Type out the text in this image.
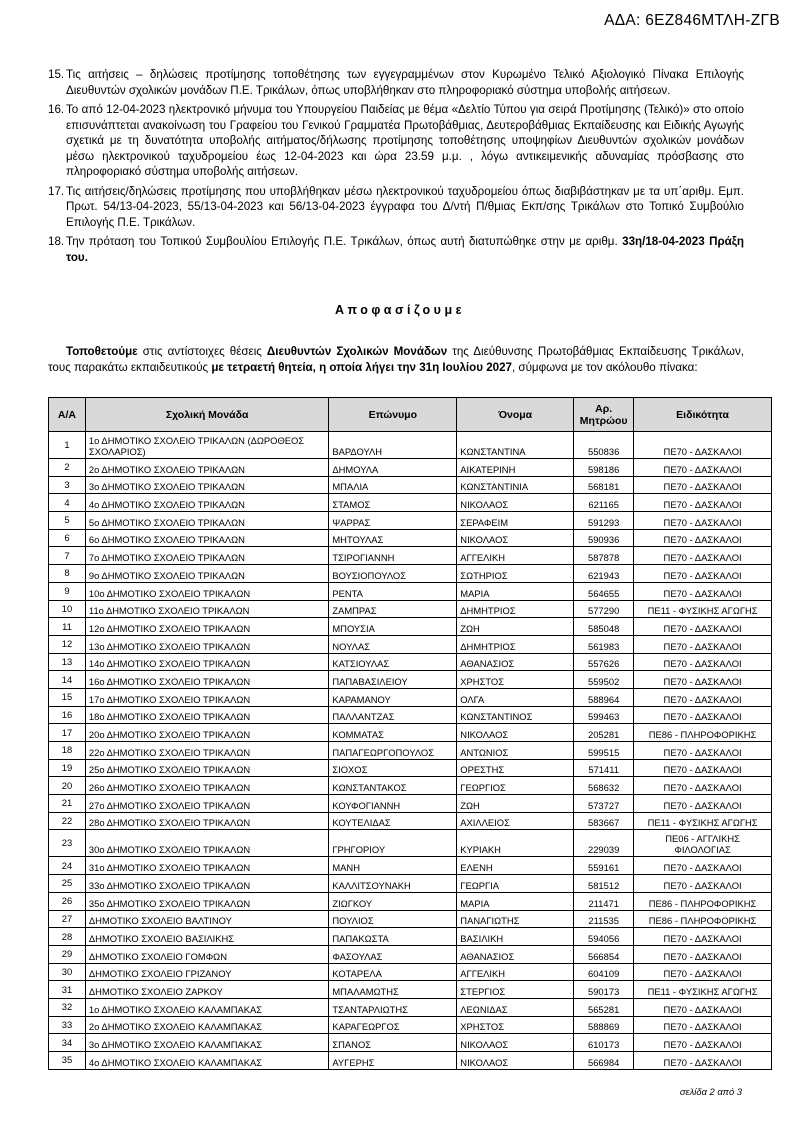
ΑΔΑ: 6ΕΖ846ΜΤΛΗ-ΖΓΒ
15. Τις αιτήσεις – δηλώσεις προτίμησης τοποθέτησης των εγγεγραμμένων στον Κυρωμένο Τελικό Αξιολογικό Πίνακα Επιλογής Διευθυντών σχολικών μονάδων Π.Ε. Τρικάλων, όπως υποβλήθηκαν στο πληροφοριακό σύστημα υποβολής αιτήσεων.
16. Το από 12-04-2023 ηλεκτρονικό μήνυμα του Υπουργείου Παιδείας με θέμα «Δελτίο Τύπου για σειρά Προτίμησης (Τελικό)» στο οποίο επισυνάπτεται ανακοίνωση του Γραφείου του Γενικού Γραμματέα Πρωτοβάθμιας, Δευτεροβάθμιας Εκπαίδευσης και Ειδικής Αγωγής σχετικά με τη δυνατότητα υποβολής αιτήματος/δήλωσης προτίμησης τοποθέτησης υποψηφίων Διευθυντών σχολικών μονάδων μέσω ηλεκτρονικού ταχυδρομείου έως 12-04-2023 και ώρα 23.59 μ.μ. , λόγω αντικειμενικής αδυναμίας πρόσβασης στο πληροφοριακό σύστημα υποβολής αιτήσεων.
17. Τις αιτήσεις/δηλώσεις προτίμησης που υποβλήθηκαν μέσω ηλεκτρονικού ταχυδρομείου όπως διαβιβάστηκαν με τα υπ΄αριθμ. Εμπ. Πρωτ. 54/13-04-2023, 55/13-04-2023 και 56/13-04-2023 έγγραφα του Δ/ντή Π/θμιας Εκπ/σης Τρικάλων στο Τοπικό Συμβούλιο Επιλογής Π.Ε. Τρικάλων.
18. Την πρόταση του Τοπικού Συμβουλίου Επιλογής Π.Ε. Τρικάλων, όπως αυτή διατυπώθηκε στην με αριθμ. 33η/18-04-2023 Πράξη του.
Αποφασίζουμε
Τοποθετούμε στις αντίστοιχες θέσεις Διευθυντών Σχολικών Μονάδων της Διεύθυνσης Πρωτοβάθμιας Εκπαίδευσης Τρικάλων, τους παρακάτω εκπαιδευτικούς με τετραετή θητεία, η οποία λήγει την 31η Ιουλίου 2027, σύμφωνα με τον ακόλουθο πίνακα:
Α/Α	Σχολική Μονάδα	Επώνυμο	Όνομα	Αρ. Μητρώου	Ειδικότητα
1	1ο ΔΗΜΟΤΙΚΟ ΣΧΟΛΕΙΟ ΤΡΙΚΑΛΩΝ (ΔΩΡΟΘΕΟΣ ΣΧΟΛΑΡΙΟΣ)	ΒΑΡΔΟΥΛΗ	ΚΩΝΣΤΑΝΤΙΝΑ	550836	ΠΕ70 - ΔΑΣΚΑΛΟΙ
2	2ο ΔΗΜΟΤΙΚΟ ΣΧΟΛΕΙΟ ΤΡΙΚΑΛΩΝ	ΔΗΜΟΥΛΑ	ΑΙΚΑΤΕΡΙΝΗ	598186	ΠΕ70 - ΔΑΣΚΑΛΟΙ
3	3ο ΔΗΜΟΤΙΚΟ ΣΧΟΛΕΙΟ ΤΡΙΚΑΛΩΝ	ΜΠΑΛΙΑ	ΚΩΝΣΤΑΝΤΙΝΙΑ	568181	ΠΕ70 - ΔΑΣΚΑΛΟΙ
4	4ο ΔΗΜΟΤΙΚΟ ΣΧΟΛΕΙΟ ΤΡΙΚΑΛΩΝ	ΣΤΑΜΟΣ	ΝΙΚΟΛΑΟΣ	621165	ΠΕ70 - ΔΑΣΚΑΛΟΙ
5	5ο ΔΗΜΟΤΙΚΟ ΣΧΟΛΕΙΟ ΤΡΙΚΑΛΩΝ	ΨΑΡΡΑΣ	ΣΕΡΑΦΕΙΜ	591293	ΠΕ70 - ΔΑΣΚΑΛΟΙ
6	6ο ΔΗΜΟΤΙΚΟ ΣΧΟΛΕΙΟ ΤΡΙΚΑΛΩΝ	ΜΗΤΟΥΛΑΣ	ΝΙΚΟΛΑΟΣ	590936	ΠΕ70 - ΔΑΣΚΑΛΟΙ
7	7ο ΔΗΜΟΤΙΚΟ ΣΧΟΛΕΙΟ ΤΡΙΚΑΛΩΝ	ΤΣΙΡΟΓΙΑΝΝΗ	ΑΓΓΕΛΙΚΗ	587878	ΠΕ70 - ΔΑΣΚΑΛΟΙ
8	9ο ΔΗΜΟΤΙΚΟ ΣΧΟΛΕΙΟ ΤΡΙΚΑΛΩΝ	ΒΟΥΣΙΟΠΟΥΛΟΣ	ΣΩΤΗΡΙΟΣ	621943	ΠΕ70 - ΔΑΣΚΑΛΟΙ
9	10ο ΔΗΜΟΤΙΚΟ ΣΧΟΛΕΙΟ ΤΡΙΚΑΛΩΝ	ΡΕΝΤΑ	ΜΑΡΙΑ	564655	ΠΕ70 - ΔΑΣΚΑΛΟΙ
10	11ο ΔΗΜΟΤΙΚΟ ΣΧΟΛΕΙΟ ΤΡΙΚΑΛΩΝ	ΖΑΜΠΡΑΣ	ΔΗΜΗΤΡΙΟΣ	577290	ΠΕ11 - ΦΥΣΙΚΗΣ ΑΓΩΓΗΣ
11	12ο ΔΗΜΟΤΙΚΟ ΣΧΟΛΕΙΟ ΤΡΙΚΑΛΩΝ	ΜΠΟΥΣΙΑ	ΖΩΗ	585048	ΠΕ70 - ΔΑΣΚΑΛΟΙ
12	13ο ΔΗΜΟΤΙΚΟ ΣΧΟΛΕΙΟ ΤΡΙΚΑΛΩΝ	ΝΟΥΛΑΣ	ΔΗΜΗΤΡΙΟΣ	561983	ΠΕ70 - ΔΑΣΚΑΛΟΙ
13	14ο ΔΗΜΟΤΙΚΟ ΣΧΟΛΕΙΟ ΤΡΙΚΑΛΩΝ	ΚΑΤΣΙΟΥΛΑΣ	ΑΘΑΝΑΣΙΟΣ	557626	ΠΕ70 - ΔΑΣΚΑΛΟΙ
14	16ο ΔΗΜΟΤΙΚΟ ΣΧΟΛΕΙΟ ΤΡΙΚΑΛΩΝ	ΠΑΠΑΒΑΣΙΛΕΙΟΥ	ΧΡΗΣΤΟΣ	559502	ΠΕ70 - ΔΑΣΚΑΛΟΙ
15	17ο ΔΗΜΟΤΙΚΟ ΣΧΟΛΕΙΟ ΤΡΙΚΑΛΩΝ	ΚΑΡΑΜΑΝΟΥ	ΟΛΓΑ	588964	ΠΕ70 - ΔΑΣΚΑΛΟΙ
16	18ο ΔΗΜΟΤΙΚΟ ΣΧΟΛΕΙΟ ΤΡΙΚΑΛΩΝ	ΠΑΛΛΑΝΤΖΑΣ	ΚΩΝΣΤΑΝΤΙΝΟΣ	599463	ΠΕ70 - ΔΑΣΚΑΛΟΙ
17	20ο ΔΗΜΟΤΙΚΟ ΣΧΟΛΕΙΟ ΤΡΙΚΑΛΩΝ	ΚΟΜΜΑΤΑΣ	ΝΙΚΟΛΑΟΣ	205281	ΠΕ86 - ΠΛΗΡΟΦΟΡΙΚΗΣ
18	22ο ΔΗΜΟΤΙΚΟ ΣΧΟΛΕΙΟ ΤΡΙΚΑΛΩΝ	ΠΑΠΑΓΕΩΡΓΟΠΟΥΛΟΣ	ΑΝΤΩΝΙΟΣ	599515	ΠΕ70 - ΔΑΣΚΑΛΟΙ
19	25ο ΔΗΜΟΤΙΚΟ ΣΧΟΛΕΙΟ ΤΡΙΚΑΛΩΝ	ΣΙΟΧΟΣ	ΟΡΕΣΤΗΣ	571411	ΠΕ70 - ΔΑΣΚΑΛΟΙ
20	26ο ΔΗΜΟΤΙΚΟ ΣΧΟΛΕΙΟ ΤΡΙΚΑΛΩΝ	ΚΩΝΣΤΑΝΤΑΚΟΣ	ΓΕΩΡΓΙΟΣ	568632	ΠΕ70 - ΔΑΣΚΑΛΟΙ
21	27ο ΔΗΜΟΤΙΚΟ ΣΧΟΛΕΙΟ ΤΡΙΚΑΛΩΝ	ΚΟΥΦΟΓΙΑΝΝΗ	ΖΩΗ	573727	ΠΕ70 - ΔΑΣΚΑΛΟΙ
22	28ο ΔΗΜΟΤΙΚΟ ΣΧΟΛΕΙΟ ΤΡΙΚΑΛΩΝ	ΚΟΥΤΕΛΙΔΑΣ	ΑΧΙΛΛΕΙΟΣ	583667	ΠΕ11 - ΦΥΣΙΚΗΣ ΑΓΩΓΗΣ
23	30ο ΔΗΜΟΤΙΚΟ ΣΧΟΛΕΙΟ ΤΡΙΚΑΛΩΝ	ΓΡΗΓΟΡΙΟΥ	ΚΥΡΙΑΚΗ	229039	ΠΕ06 - ΑΓΓΛΙΚΗΣ ΦΙΛΟΛΟΓΙΑΣ
24	31ο ΔΗΜΟΤΙΚΟ ΣΧΟΛΕΙΟ ΤΡΙΚΑΛΩΝ	ΜΑΝΗ	ΕΛΕΝΗ	559161	ΠΕ70 - ΔΑΣΚΑΛΟΙ
25	33ο ΔΗΜΟΤΙΚΟ ΣΧΟΛΕΙΟ ΤΡΙΚΑΛΩΝ	ΚΑΛΛΙΤΣΟΥΝΑΚΗ	ΓΕΩΡΓΙΑ	581512	ΠΕ70 - ΔΑΣΚΑΛΟΙ
26	35ο ΔΗΜΟΤΙΚΟ ΣΧΟΛΕΙΟ ΤΡΙΚΑΛΩΝ	ΖΙΩΓΚΟΥ	ΜΑΡΙΑ	211471	ΠΕ86 - ΠΛΗΡΟΦΟΡΙΚΗΣ
27	ΔΗΜΟΤΙΚΟ ΣΧΟΛΕΙΟ ΒΑΛΤΙΝΟΥ	ΠΟΥΛΙΟΣ	ΠΑΝΑΓΙΩΤΗΣ	211535	ΠΕ86 - ΠΛΗΡΟΦΟΡΙΚΗΣ
28	ΔΗΜΟΤΙΚΟ ΣΧΟΛΕΙΟ ΒΑΣΙΛΙΚΗΣ	ΠΑΠΑΚΩΣΤΑ	ΒΑΣΙΛΙΚΗ	594056	ΠΕ70 - ΔΑΣΚΑΛΟΙ
29	ΔΗΜΟΤΙΚΟ ΣΧΟΛΕΙΟ ΓΟΜΦΩΝ	ΦΑΣΟΥΛΑΣ	ΑΘΑΝΑΣΙΟΣ	566854	ΠΕ70 - ΔΑΣΚΑΛΟΙ
30	ΔΗΜΟΤΙΚΟ ΣΧΟΛΕΙΟ ΓΡΙΖΑΝΟΥ	ΚΟΤΑΡΕΛΑ	ΑΓΓΕΛΙΚΗ	604109	ΠΕ70 - ΔΑΣΚΑΛΟΙ
31	ΔΗΜΟΤΙΚΟ ΣΧΟΛΕΙΟ ΖΑΡΚΟΥ	ΜΠΑΛΑΜΩΤΗΣ	ΣΤΕΡΓΙΟΣ	590173	ΠΕ11 - ΦΥΣΙΚΗΣ ΑΓΩΓΗΣ
32	1ο ΔΗΜΟΤΙΚΟ ΣΧΟΛΕΙΟ ΚΑΛΑΜΠΑΚΑΣ	ΤΣΑΝΤΑΡΛΙΩΤΗΣ	ΛΕΩΝΙΔΑΣ	565281	ΠΕ70 - ΔΑΣΚΑΛΟΙ
33	2ο ΔΗΜΟΤΙΚΟ ΣΧΟΛΕΙΟ ΚΑΛΑΜΠΑΚΑΣ	ΚΑΡΑΓΕΩΡΓΟΣ	ΧΡΗΣΤΟΣ	588869	ΠΕ70 - ΔΑΣΚΑΛΟΙ
34	3ο ΔΗΜΟΤΙΚΟ ΣΧΟΛΕΙΟ ΚΑΛΑΜΠΑΚΑΣ	ΣΠΑΝΟΣ	ΝΙΚΟΛΑΟΣ	610173	ΠΕ70 - ΔΑΣΚΑΛΟΙ
35	4ο ΔΗΜΟΤΙΚΟ ΣΧΟΛΕΙΟ ΚΑΛΑΜΠΑΚΑΣ	ΑΥΓΕΡΗΣ	ΝΙΚΟΛΑΟΣ	566984	ΠΕ70 - ΔΑΣΚΑΛΟΙ
σελίδα 2 από 3
